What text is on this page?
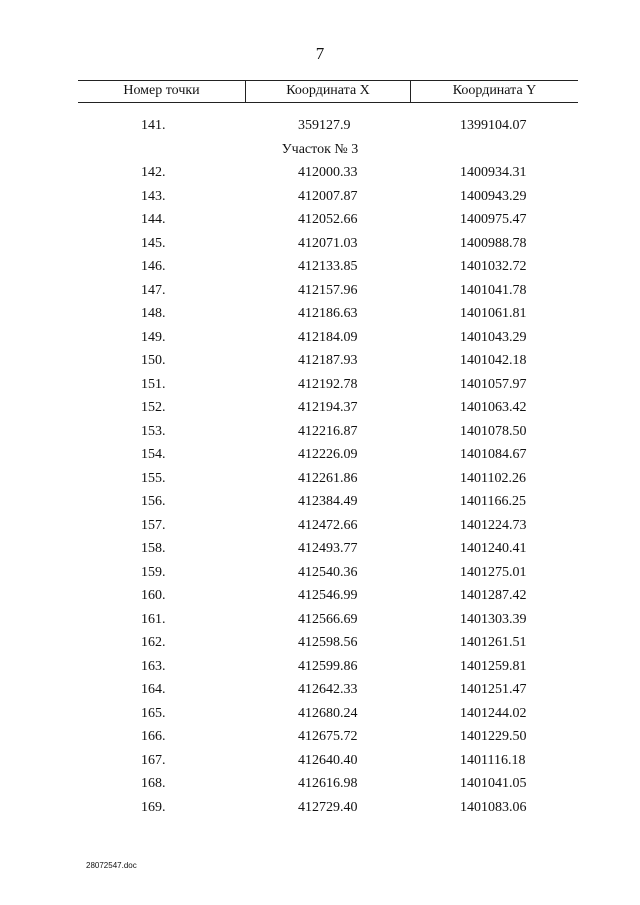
7
Номер точки	Координата X	Координата Y
141.	359127.9	1399104.07
Участок № 3
142.	412000.33	1400934.31
143.	412007.87	1400943.29
144.	412052.66	1400975.47
145.	412071.03	1400988.78
146.	412133.85	1401032.72
147.	412157.96	1401041.78
148.	412186.63	1401061.81
149.	412184.09	1401043.29
150.	412187.93	1401042.18
151.	412192.78	1401057.97
152.	412194.37	1401063.42
153.	412216.87	1401078.50
154.	412226.09	1401084.67
155.	412261.86	1401102.26
156.	412384.49	1401166.25
157.	412472.66	1401224.73
158.	412493.77	1401240.41
159.	412540.36	1401275.01
160.	412546.99	1401287.42
161.	412566.69	1401303.39
162.	412598.56	1401261.51
163.	412599.86	1401259.81
164.	412642.33	1401251.47
165.	412680.24	1401244.02
166.	412675.72	1401229.50
167.	412640.40	1401116.18
168.	412616.98	1401041.05
169.	412729.40	1401083.06
28072547.doc
